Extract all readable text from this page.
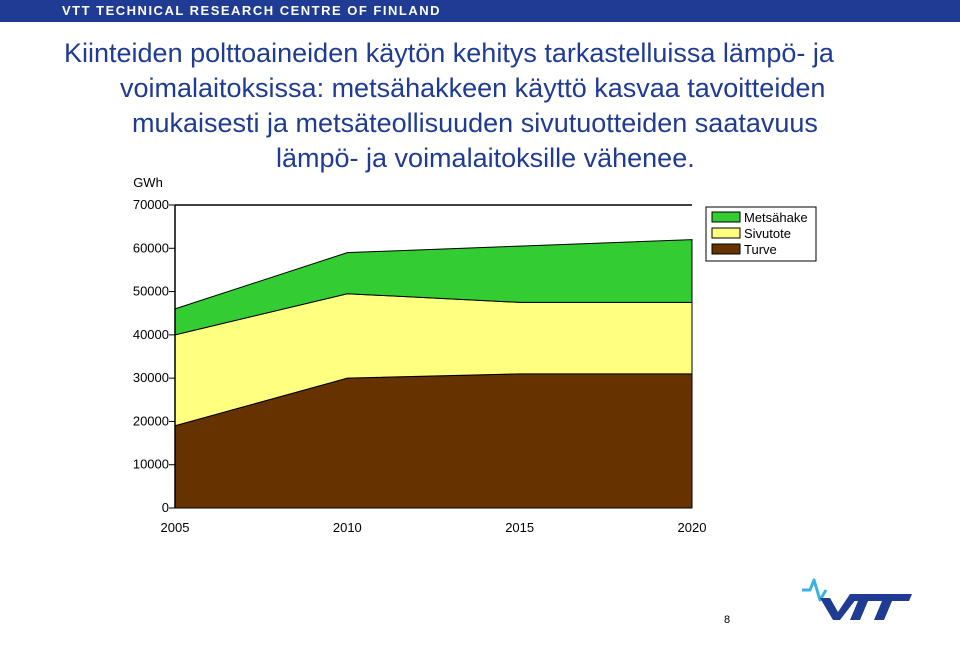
VTT TECHNICAL RESEARCH CENTRE OF FINLAND
Kiinteiden polttoaineiden käytön kehitys tarkastelluissa lämpö- ja
voimalaitoksissa: metsähakkeen käyttö kasvaa tavoitteiden
mukaisesti ja metsäteollisuuden sivutuotteiden saatavuus
lämpö- ja voimalaitoksille vähenee.
0
10000
20000
30000
40000
50000
60000
70000
GWh
2005	2010	2015	2020
Metsähake
Sivutote
Turve
8
